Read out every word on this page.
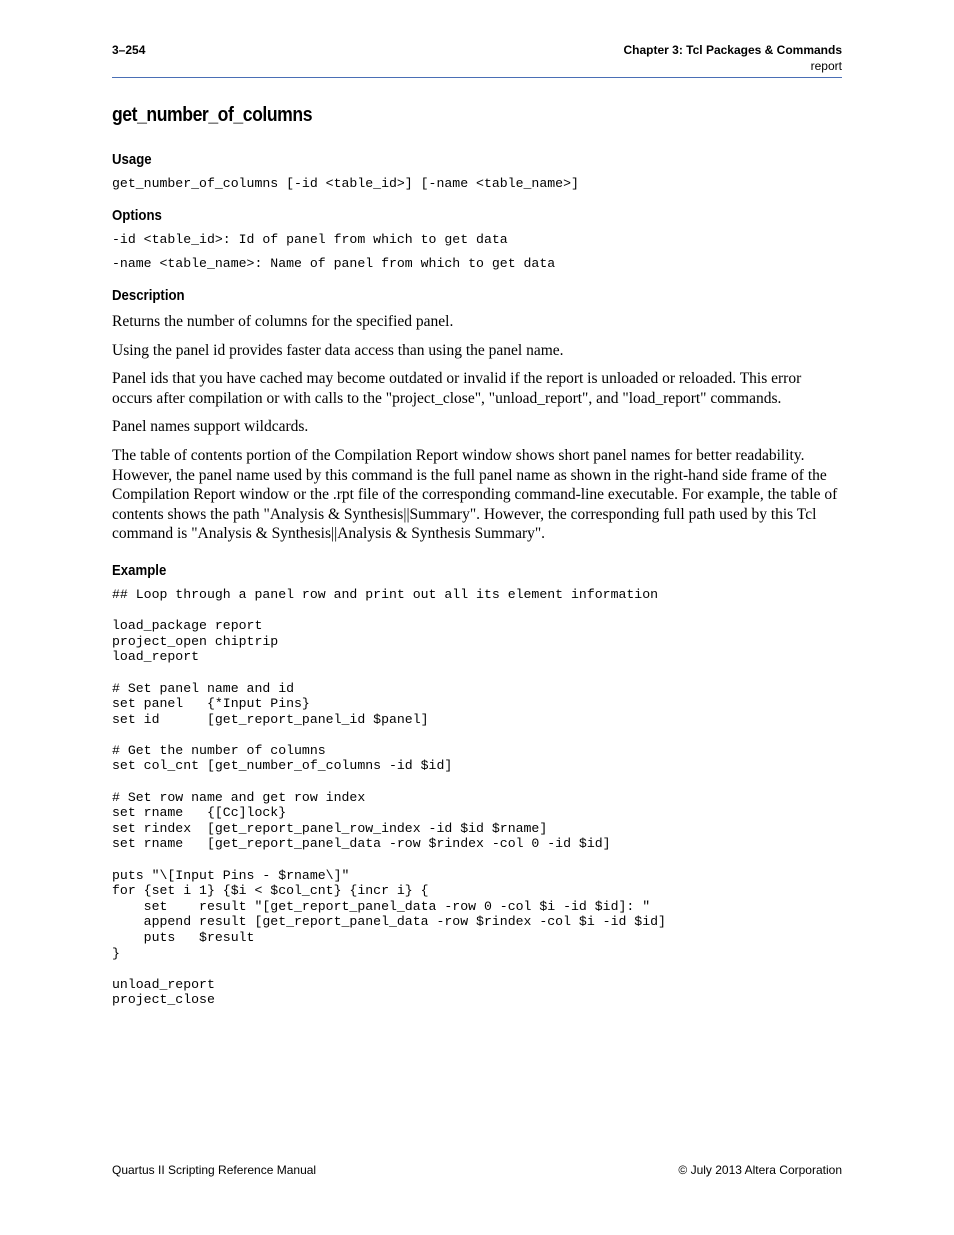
3–254	Chapter 3: Tcl Packages & Commands
report
get_number_of_columns
Usage

get_number_of_columns [-id <table_id>] [-name <table_name>]

Options

-id <table_id>: Id of panel from which to get data

-name <table_name>: Name of panel from which to get data

Description

Returns the number of columns for the specified panel.

Using the panel id provides faster data access than using the panel name.

Panel ids that you have cached may become outdated or invalid if the report is unloaded or reloaded. This error occurs after compilation or with calls to the "project_close", "unload_report", and "load_report" commands.

Panel names support wildcards.

The table of contents portion of the Compilation Report window shows short panel names for better readability. However, the panel name used by this command is the full panel name as shown in the right-hand side frame of the Compilation Report window or the .rpt file of the corresponding command-line executable. For example, the table of contents shows the path "Analysis & Synthesis||Summary". However, the corresponding full path used by this Tcl command is "Analysis & Synthesis||Analysis & Synthesis Summary".

Example
## Loop through a panel row and print out all its element information

load_package report
project_open chiptrip
load_report

# Set panel name and id
set panel   {*Input Pins}
set id      [get_report_panel_id $panel]

# Get the number of columns
set col_cnt [get_number_of_columns -id $id]

# Set row name and get row index
set rname   {[Cc]lock}
set rindex  [get_report_panel_row_index -id $id $rname]
set rname   [get_report_panel_data -row $rindex -col 0 -id $id]

puts "\[Input Pins - $rname\]"
for {set i 1} {$i < $col_cnt} {incr i} {
set    result "[get_report_panel_data -row 0 -col $i -id $id]: "
append result [get_report_panel_data -row $rindex -col $i -id $id]
puts   $result
}

unload_report
project_close
Quartus II Scripting Reference Manual	© July 2013 Altera Corporation
